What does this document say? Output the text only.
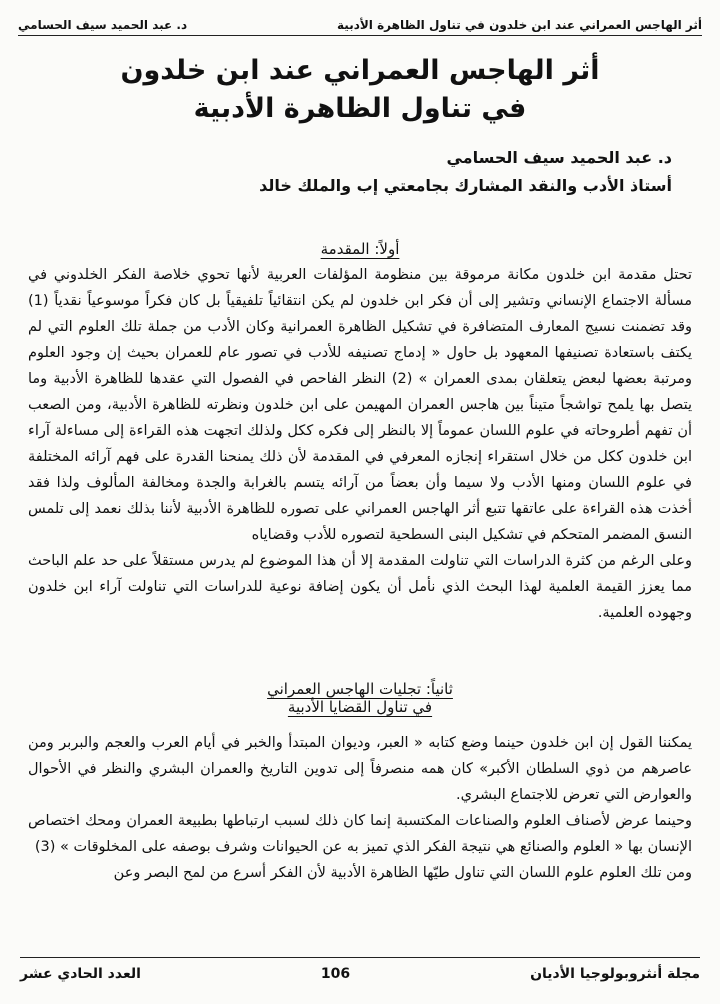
أثر الهاجس العمراني عند ابن خلدون في تناول الظاهرة الأدبية
د. عبد الحميد سيف الحسامي
أثر الهاجس العمراني عند ابن خلدون
في تناول الظاهرة الأدبية
د. عبد الحميد سيف الحسامي
أستاذ الأدب والنقد المشارك بجامعتي إب والملك خالد
أولاً: المقدمة

تحتل مقدمة ابن خلدون مكانة مرموقة بين منظومة المؤلفات العربية لأنها تحوي خلاصة الفكر الخلدوني في مسألة الاجتماع الإنساني وتشير إلى أن فكر ابن خلدون لم يكن انتقائياً تلفيقياً بل كان فكراً موسوعياً نقدياً (1) وقد تضمنت نسيج المعارف المتضافرة في تشكيل الظاهرة العمرانية وكان الأدب من جملة تلك العلوم التي لم يكتف باستعادة تصنيفها المعهود بل حاول « إدماج تصنيفه للأدب في تصور عام للعمران بحيث إن وجود العلوم ومرتبة بعضها لبعض يتعلقان بمدى العمران » (2) النظر الفاحص في الفصول التي عقدها للظاهرة الأدبية وما يتصل بها يلمح تواشجاً متيناً بين هاجس العمران المهيمن على ابن خلدون ونظرته للظاهرة الأدبية، ومن الصعب أن تفهم أطروحاته في علوم اللسان عموماً إلا بالنظر إلى فكره ككل ولذلك اتجهت هذه القراءة إلى مساءلة آراء ابن خلدون ككل من خلال استقراء إنجازه المعرفي في المقدمة لأن ذلك يمنحنا القدرة على فهم آرائه المختلفة في علوم اللسان ومنها الأدب ولا سيما وأن بعضاً من آرائه يتسم بالغرابة والجدة ومخالفة المألوف ولذا فقد أخذت هذه القراءة على عاتقها تتبع أثر الهاجس العمراني على تصوره للظاهرة الأدبية لأننا بذلك نعمد إلى تلمس النسق المضمر المتحكم في تشكيل البنى السطحية لتصوره للأدب وقضاياه

وعلى الرغم من كثرة الدراسات التي تناولت المقدمة إلا أن هذا الموضوع لم يدرس مستقلاً على حد علم الباحث مما يعزز القيمة العلمية لهذا البحث الذي نأمل أن يكون إضافة نوعية للدراسات التي تناولت آراء ابن خلدون وجهوده العلمية.

ثانياً: تجليات الهاجس العمراني
في تناول القضايا الأدبية

يمكننا القول إن ابن خلدون حينما وضع كتابه « العبر، وديوان المبتدأ والخبر في أيام العرب والعجم والبربر ومن عاصرهم من ذوي السلطان الأكبر» كان همه منصرفاً إلى تدوين التاريخ والعمران البشري والنظر في الأحوال والعوارض التي تعرض للاجتماع البشري.

وحينما عرض لأصناف العلوم والصناعات المكتسبة إنما كان ذلك لسبب ارتباطها بطبيعة العمران ومحك اختصاص الإنسان بها « العلوم والصنائع هي نتيجة الفكر الذي تميز به عن الحيوانات وشرف بوصفه على المخلوقات » (3)

ومن تلك العلوم علوم اللسان التي تناول طيّها الظاهرة الأدبية لأن الفكر أسرع من لمح البصر وعن

مجلة أنثروبولوجيا الأديان
106
العدد الحادي عشر
